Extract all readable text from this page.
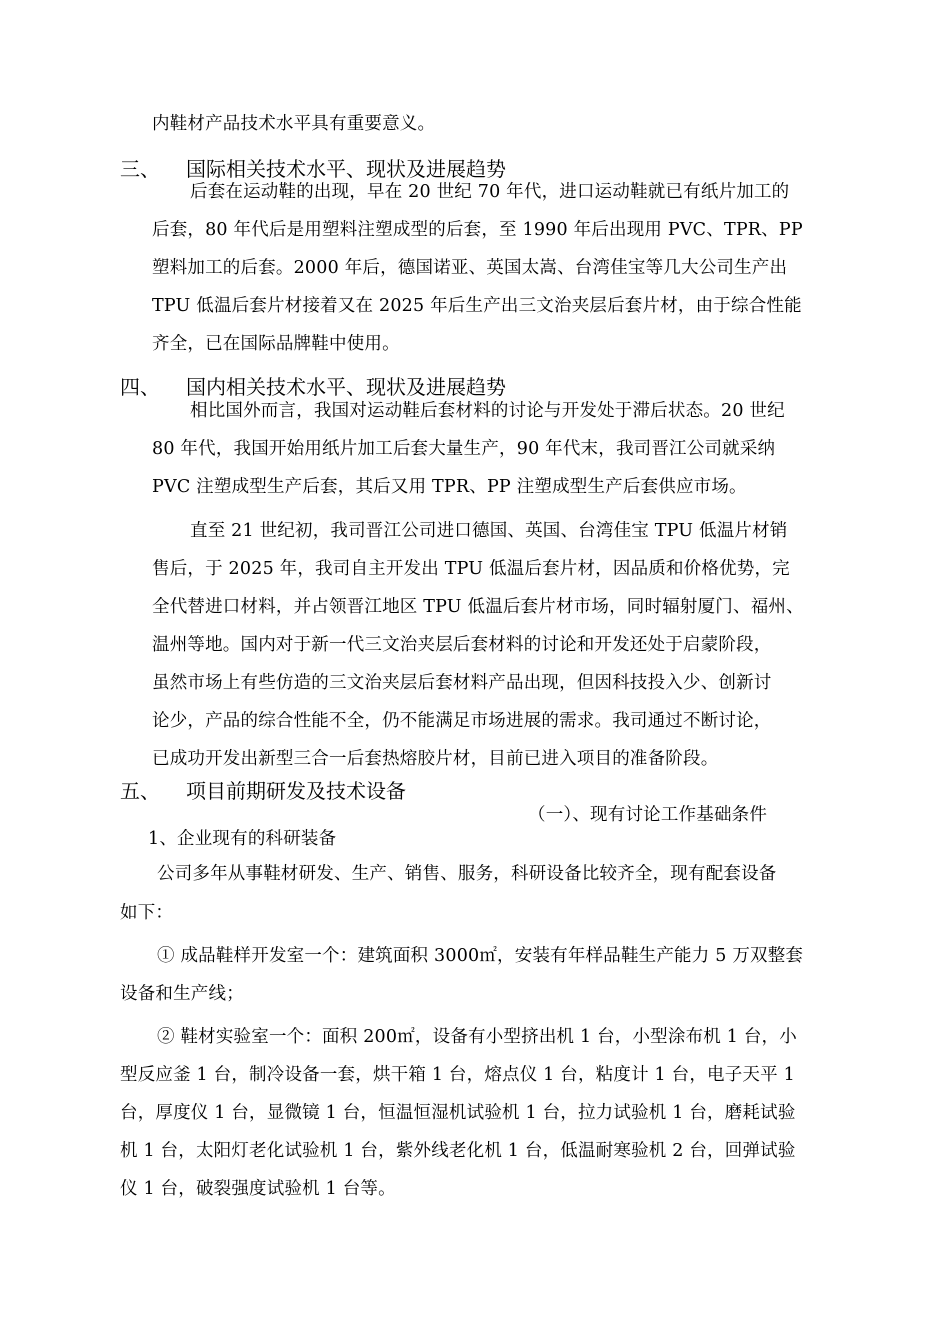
内鞋材产品技术水平具有重要意义。
三、 国际相关技术水平、现状及进展趋势
后套在运动鞋的出现，早在 20 世纪 70 年代，进口运动鞋就已有纸片加工的
后套，80 年代后是用塑料注塑成型的后套，至 1990 年后出现用 PVC、TPR、PP
塑料加工的后套。2000 年后，德国诺亚、英国太嵩、台湾佳宝等几大公司生产出
TPU 低温后套片材接着又在 2025 年后生产出三文治夹层后套片材，由于综合性能
齐全，已在国际品牌鞋中使用。
四、 国内相关技术水平、现状及进展趋势
相比国外而言，我国对运动鞋后套材料的讨论与开发处于滞后状态。20 世纪
80 年代，我国开始用纸片加工后套大量生产，90 年代末，我司晋江公司就采纳
PVC 注塑成型生产后套，其后又用 TPR、PP 注塑成型生产后套供应市场。
直至 21 世纪初，我司晋江公司进口德国、英国、台湾佳宝 TPU 低温片材销
售后，于 2025 年，我司自主开发出 TPU 低温后套片材，因品质和价格优势，完
全代替进口材料，并占领晋江地区 TPU 低温后套片材市场，同时辐射厦门、福州、
温州等地。国内对于新一代三文治夹层后套材料的讨论和开发还处于启蒙阶段，
虽然市场上有些仿造的三文治夹层后套材料产品出现，但因科技投入少、创新讨
论少，产品的综合性能不全，仍不能满足市场进展的需求。我司通过不断讨论，
已成功开发出新型三合一后套热熔胶片材，目前已进入项目的准备阶段。
五、 项目前期研发及技术设备
（一）、现有讨论工作基础条件
1、企业现有的科研装备
公司多年从事鞋材研发、生产、销售、服务，科研设备比较齐全，现有配套设备
如下：
① 成品鞋样开发室一个：建筑面积 3000㎡，安装有年样品鞋生产能力 5 万双整套
设备和生产线；
② 鞋材实验室一个：面积 200㎡，设备有小型挤出机 1 台，小型涂布机 1 台，小
型反应釜 1 台，制冷设备一套，烘干箱 1 台，熔点仪 1 台，粘度计 1 台，电子天平 1
台，厚度仪 1 台，显微镜 1 台，恒温恒湿机试验机 1 台，拉力试验机 1 台，磨耗试验
机 1 台，太阳灯老化试验机 1 台，紫外线老化机 1 台，低温耐寒验机 2 台，回弹试验
仪 1 台，破裂强度试验机 1 台等。
